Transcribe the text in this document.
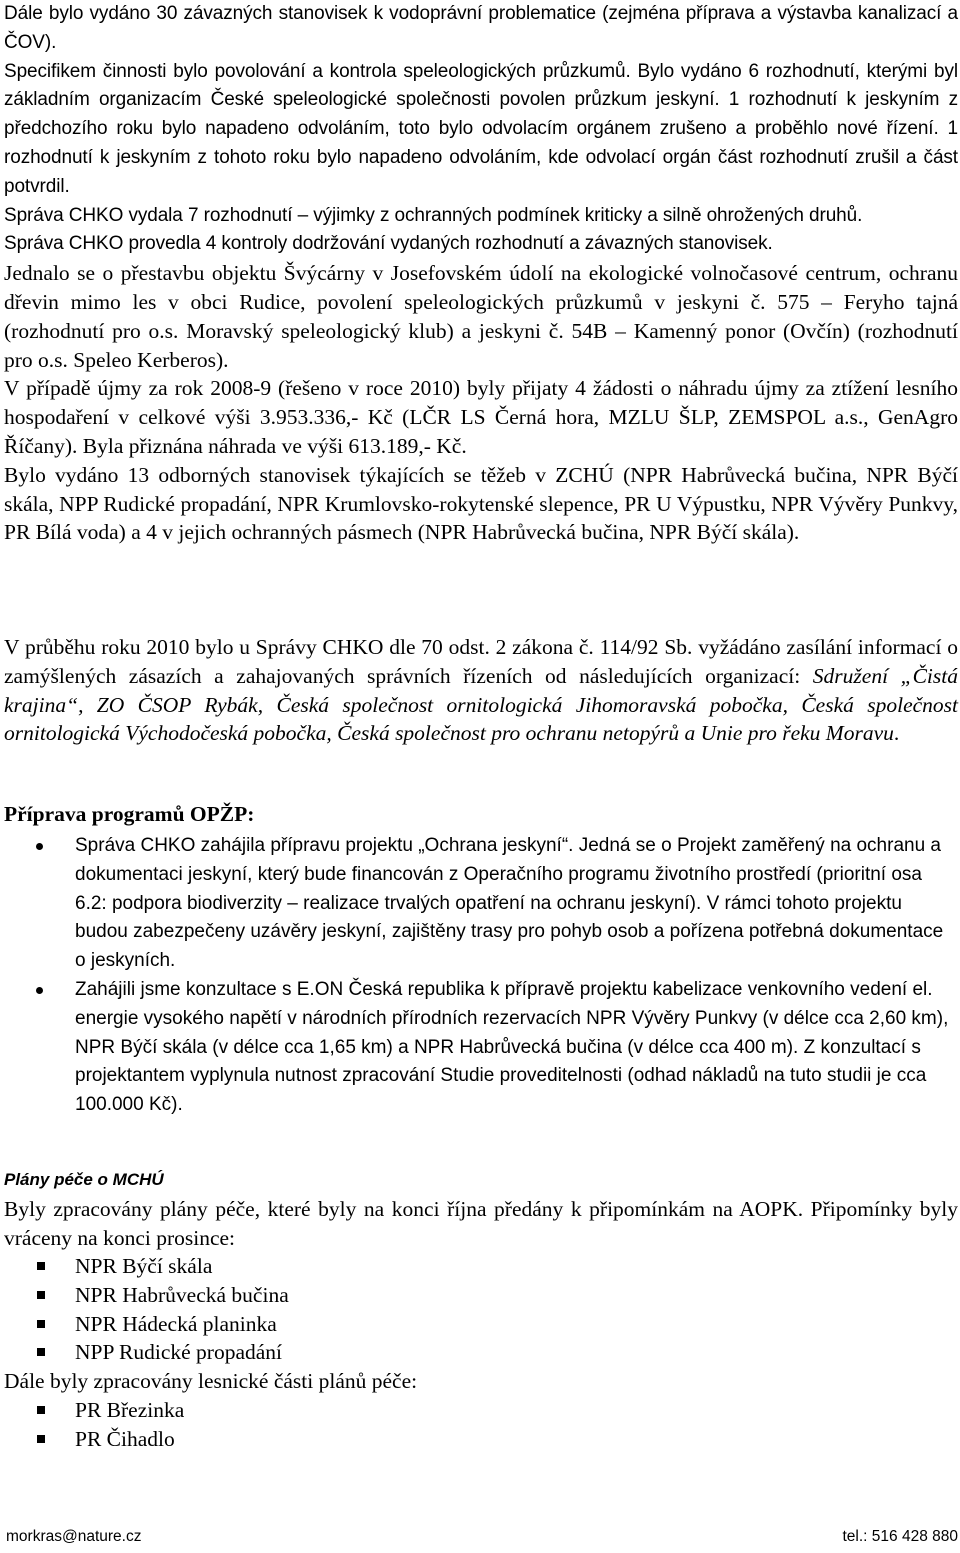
Dále bylo vydáno 30 závazných stanovisek k vodoprávní problematice (zejména příprava a výstavba kanalizací a ČOV).

Specifikem činnosti bylo povolování a kontrola speleologických průzkumů. Bylo vydáno 6 rozhodnutí, kterými byl základním organizacím České speleologické společnosti povolen průzkum jeskyní. 1 rozhodnutí k jeskyním z předchozího roku bylo napadeno odvoláním, toto bylo odvolacím orgánem zrušeno a proběhlo nové řízení. 1 rozhodnutí k jeskyním z tohoto roku bylo napadeno odvoláním, kde odvolací orgán část rozhodnutí zrušil a část potvrdil.

Správa CHKO vydala 7 rozhodnutí – výjimky z ochranných podmínek kriticky a silně ohrožených druhů.

Správa CHKO provedla 4 kontroly dodržování vydaných rozhodnutí a závazných stanovisek.

Jednalo se o přestavbu objektu Švýcárny v Josefovském údolí na ekologické volnočasové centrum, ochranu dřevin mimo les v obci Rudice, povolení speleologických průzkumů v jeskyni č. 575 – Feryho tajná (rozhodnutí pro o.s. Moravský speleologický klub) a jeskyni č. 54B – Kamenný ponor (Ovčín) (rozhodnutí pro o.s. Speleo Kerberos).

V případě újmy za rok 2008-9 (řešeno v roce 2010) byly přijaty 4 žádosti o náhradu újmy za ztížení lesního hospodaření v celkové výši 3.953.336,- Kč (LČR LS Černá hora, MZLU ŠLP, ZEMSPOL a.s., GenAgro Říčany). Byla přiznána náhrada ve výši 613.189,- Kč.

Bylo vydáno 13 odborných stanovisek týkajících se těžeb v ZCHÚ (NPR Habrůvecká bučina, NPR Býčí skála, NPP Rudické propadání, NPR Krumlovsko-rokytenské slepence, PR U Výpustku, NPR Vývěry Punkvy, PR Bílá voda) a 4 v jejich ochranných pásmech (NPR Habrůvecká bučina, NPR Býčí skála).

V průběhu roku 2010 bylo u Správy CHKO dle 70 odst. 2 zákona č. 114/92 Sb. vyžádáno zasílání informací o zamýšlených zásazích a zahajovaných správních řízeních od následujících organizací: Sdružení „Čistá krajina“, ZO ČSOP Rybák, Česká společnost ornitologická Jihomoravská pobočka, Česká společnost ornitologická Východočeská pobočka, Česká společnost pro ochranu netopýrů a Unie pro řeku Moravu.

Příprava programů OPŽP:
Správa CHKO zahájila přípravu projektu „Ochrana jeskyní“. Jedná se o Projekt zaměřený na ochranu a dokumentaci jeskyní, který bude financován z Operačního programu životního prostředí (prioritní osa 6.2: podpora biodiverzity – realizace trvalých opatření na ochranu jeskyní). V rámci tohoto projektu budou zabezpečeny uzávěry jeskyní, zajištěny trasy pro pohyb osob a pořízena potřebná dokumentace o jeskyních.
Zahájili jsme konzultace s E.ON Česká republika k přípravě projektu kabelizace venkovního vedení el. energie vysokého napětí v národních přírodních rezervacích NPR Vývěry Punkvy (v délce cca 2,60 km), NPR Býčí skála (v délce cca 1,65 km) a NPR Habrůvecká bučina (v délce cca 400 m). Z konzultací s projektantem vyplynula nutnost zpracování Studie proveditelnosti (odhad nákladů na tuto studii je cca 100.000 Kč).
Plány péče o MCHÚ

Byly zpracovány plány péče, které byly na konci října předány k připomínkám na AOPK. Připomínky byly vráceny na konci prosince:

NPR Býčí skála
NPR Habrůvecká bučina
NPR Hádecká planinka
NPP Rudické propadání

Dále byly zpracovány lesnické části plánů péče:

PR Březinka
PR Čihadlo
morkras@nature.cz	tel.: 516 428 880
